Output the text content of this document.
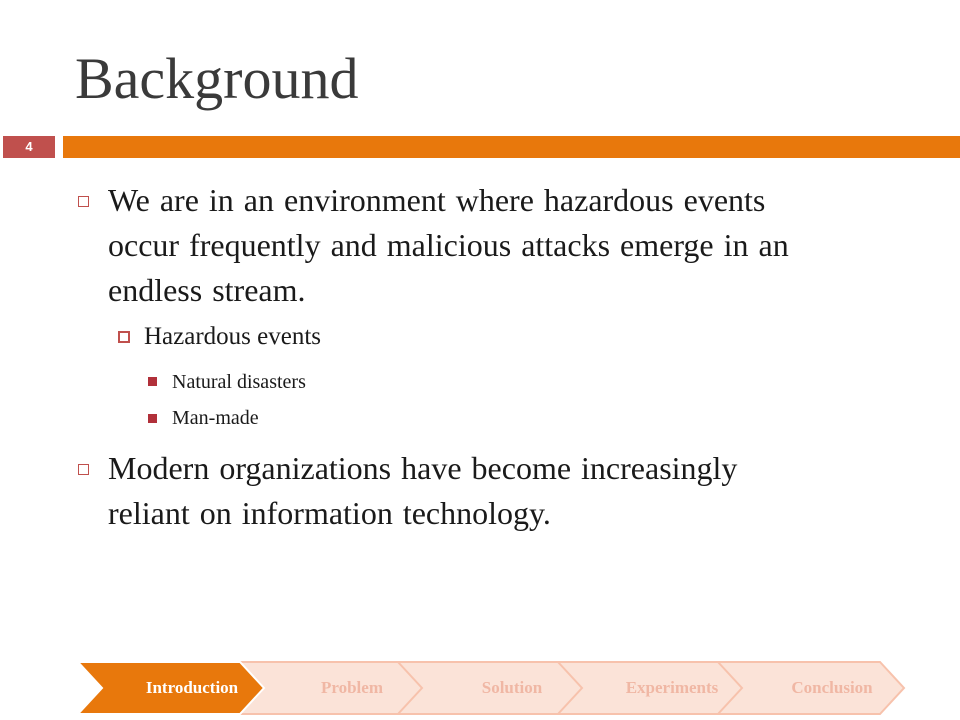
Background
4
We are in an environment where hazardous events
occur frequently and malicious attacks emerge in an
endless stream.
Hazardous events
Natural disasters
Man-made
Modern organizations have become increasingly
reliant on information technology.
Introduction	Problem	Solution	Experiments	Conclusion
